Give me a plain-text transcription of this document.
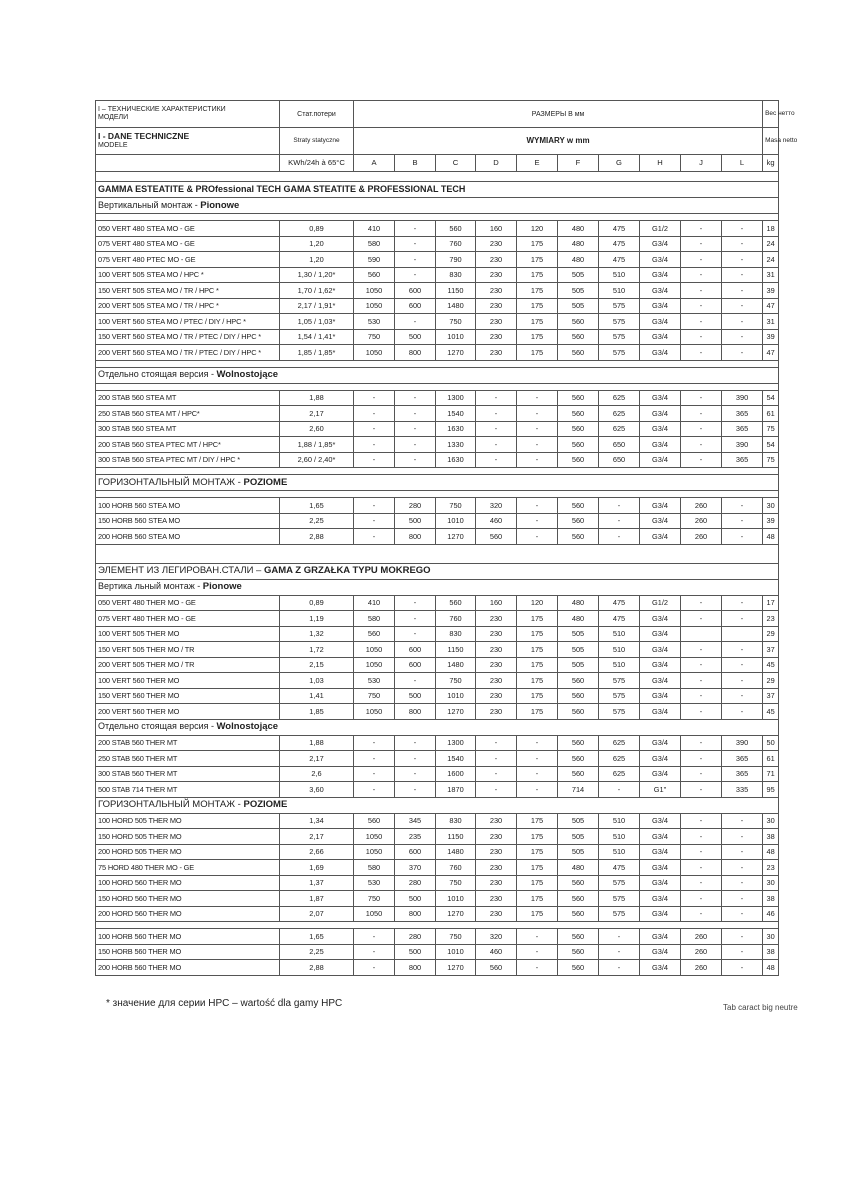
I – ТЕХНИЧЕСКИЕ ХАРАКТЕРИСТИКИ
МОДЕЛИ	Стат.потери	РАЗМЕРЫ В мм										Вес нетто
I - DANE TECHNICZNE
MODELE	Straty statyczne	WYMIARY w mm										Masa netto
	KWh/24h à 65°C	A	B	C	D	E	F	G	H	J	L	kg

GAMMA ESTEATITE & PROfessional TECH GAMA STEATITE & PROFESSIONAL TECH												
Вертикальный монтаж - Pionowe												

050 VERT 480 STEA MO - GE	0,89	410	-	560	160	120	480	475	G1/2	-	-	18
075 VERT 480 STEA MO - GE	1,20	580	-	760	230	175	480	475	G3/4	-	-	24
075 VERT 480 PTEC MO - GE	1,20	590	-	790	230	175	480	475	G3/4	-	-	24
100 VERT 505 STEA MO / HPC *	1,30 / 1,20*	560	-	830	230	175	505	510	G3/4	-	-	31
150 VERT 505 STEA MO / TR / HPC *	1,70 / 1,62*	1050	600	1150	230	175	505	510	G3/4	-	-	39
200 VERT 505 STEA MO / TR / HPC *	2,17 / 1,91*	1050	600	1480	230	175	505	575	G3/4	-	-	47
100 VERT 560 STEA MO / PTEC / DIY / HPC *	1,05 / 1,03*	530	-	750	230	175	560	575	G3/4	-	-	31
150 VERT 560 STEA MO / TR / PTEC / DIY / HPC *	1,54 / 1,41*	750	500	1010	230	175	560	575	G3/4	-	-	39
200 VERT 560 STEA MO / TR / PTEC / DIY / HPC *	1,85 / 1,85*	1050	800	1270	230	175	560	575	G3/4	-	-	47

Отдельно стоящая версия - Wolnostojące												

200 STAB 560 STEA MT	1,88	-	-	1300	-	-	560	625	G3/4	-	390	54
250 STAB 560 STEA MT / HPC*	2,17	-	-	1540	-	-	560	625	G3/4	-	365	61
300 STAB 560 STEA MT	2,60	-	-	1630	-	-	560	625	G3/4	-	365	75
200 STAB 560 STEA PTEC MT / HPC*	1,88 / 1,85*	-	-	1330	-	-	560	650	G3/4	-	390	54
300 STAB 560 STEA PTEC MT / DIY / HPC *	2,60 / 2,40*	-	-	1630	-	-	560	650	G3/4	-	365	75

ГОРИЗОНТАЛЬНЫЙ МОНТАЖ - POZIOME												

100 HORB 560 STEA MO	1,65	-	280	750	320	-	560	-	G3/4	260	-	30
150 HORB 560 STEA MO	2,25	-	500	1010	460	-	560	-	G3/4	260	-	39
200 HORB 560 STEA MO	2,88	-	800	1270	560	-	560	-	G3/4	260	-	48

ЭЛЕМЕНТ ИЗ ЛЕГИРОВАН.СТАЛИ – GAMA Z GRZAŁKA TYPU MOKREGO												
Вертика льный монтаж - Pionowe												
050 VERT 480 THER MO - GE	0,89	410	-	560	160	120	480	475	G1/2	-	-	17
075 VERT 480 THER MO - GE	1,19	580	-	760	230	175	480	475	G3/4	-	-	23
100 VERT 505 THER MO	1,32	560	-	830	230	175	505	510	G3/4			29
150 VERT 505 THER MO / TR	1,72	1050	600	1150	230	175	505	510	G3/4	-	-	37
200 VERT 505 THER MO / TR	2,15	1050	600	1480	230	175	505	510	G3/4	-	-	45
100 VERT 560 THER MO	1,03	530	-	750	230	175	560	575	G3/4	-	-	29
150 VERT 560 THER MO	1,41	750	500	1010	230	175	560	575	G3/4	-	-	37
200 VERT 560 THER MO	1,85	1050	800	1270	230	175	560	575	G3/4	-	-	45
Отдельно стоящая версия - Wolnostojące												
200 STAB 560 THER MT	1,88	-	-	1300	-	-	560	625	G3/4	-	390	50
250 STAB 560 THER MT	2,17	-	-	1540	-	-	560	625	G3/4	-	365	61
300 STAB 560 THER MT	2,6	-	-	1600	-	-	560	625	G3/4	-	365	71
500 STAB 714 THER MT	3,60	-	-	1870	-	-	714	-	G1"	-	335	95
ГОРИЗОНТАЛЬНЫЙ МОНТАЖ - POZIOME												
100 HORD 505 THER MO	1,34	560	345	830	230	175	505	510	G3/4	-	-	30
150 HORD 505 THER MO	2,17	1050	235	1150	230	175	505	510	G3/4	-	-	38
200 HORD 505 THER MO	2,66	1050	600	1480	230	175	505	510	G3/4	-	-	48
75 HORD 480 THER MO - GE	1,69	580	370	760	230	175	480	475	G3/4	-	-	23
100 HORD 560 THER MO	1,37	530	280	750	230	175	560	575	G3/4	-	-	30
150 HORD 560 THER MO	1,87	750	500	1010	230	175	560	575	G3/4	-	-	38
200 HORD 560 THER MO	2,07	1050	800	1270	230	175	560	575	G3/4	-	-	46

100 HORB 560 THER MO	1,65	-	280	750	320	-	560	-	G3/4	260	-	30
150 HORB 560 THER MO	2,25	-	500	1010	460	-	560	-	G3/4	260	-	38
200 HORB 560 THER MO	2,88	-	800	1270	560	-	560	-	G3/4	260	-	48
* значение для серии HPC – wartość dla gamy HPC	Tab caract big neutre
